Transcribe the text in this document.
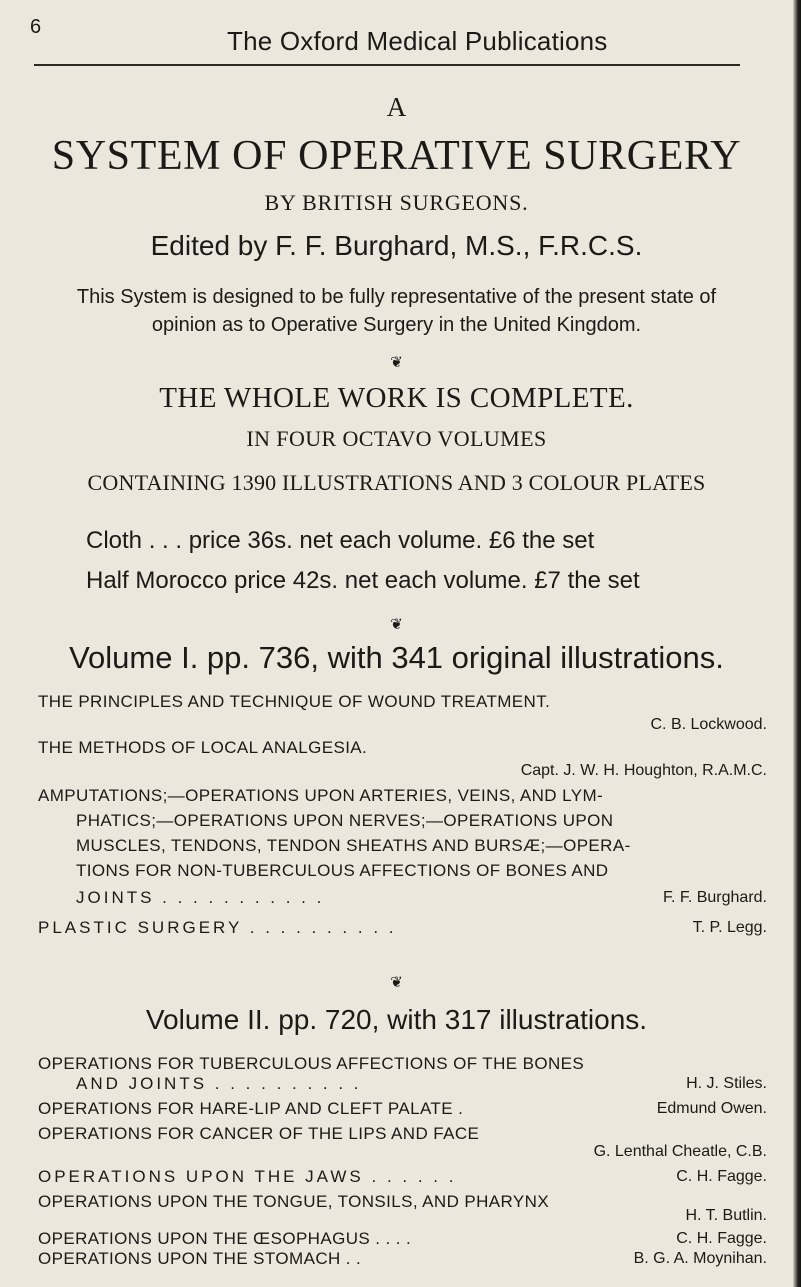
6	The Oxford Medical Publications
A
SYSTEM OF OPERATIVE SURGERY
BY BRITISH SURGEONS.
Edited by F. F. Burghard, M.S., F.R.C.S.
This System is designed to be fully representative of the present state of
opinion as to Operative Surgery in the United Kingdom.
❦
THE WHOLE WORK IS COMPLETE.
IN FOUR OCTAVO VOLUMES
CONTAINING 1390 ILLUSTRATIONS AND 3 COLOUR PLATES
Cloth . . . price 36s. net each volume. £6 the set
Half Morocco price 42s. net each volume. £7 the set
❦
Volume I. pp. 736, with 341 original illustrations.
THE PRINCIPLES AND TECHNIQUE OF WOUND TREATMENT.
C. B. Lockwood.
THE METHODS OF LOCAL ANALGESIA.
Capt. J. W. H. Houghton, R.A.M.C.
AMPUTATIONS;—OPERATIONS UPON ARTERIES, VEINS, AND LYM-
PHATICS;—OPERATIONS UPON NERVES;—OPERATIONS UPON
MUSCLES, TENDONS, TENDON SHEATHS AND BURSÆ;—OPERA-
TIONS FOR NON-TUBERCULOUS AFFECTIONS OF BONES AND
JOINTS . . . . . . . . . . .	F. F. Burghard.
PLASTIC SURGERY . . . . . . . . . .	T. P. Legg.
❦
Volume II. pp. 720, with 317 illustrations.
OPERATIONS FOR TUBERCULOUS AFFECTIONS OF THE BONES
AND JOINTS . . . . . . . . . .	H. J. Stiles.
OPERATIONS FOR HARE-LIP AND CLEFT PALATE .	Edmund Owen.
OPERATIONS FOR CANCER OF THE LIPS AND FACE
G. Lenthal Cheatle, C.B.
OPERATIONS UPON THE JAWS . . . . . .	C. H. Fagge.
OPERATIONS UPON THE TONGUE, TONSILS, AND PHARYNX
H. T. Butlin.
OPERATIONS UPON THE ŒSOPHAGUS . . . .	C. H. Fagge.
OPERATIONS UPON THE STOMACH . .	B. G. A. Moynihan.
